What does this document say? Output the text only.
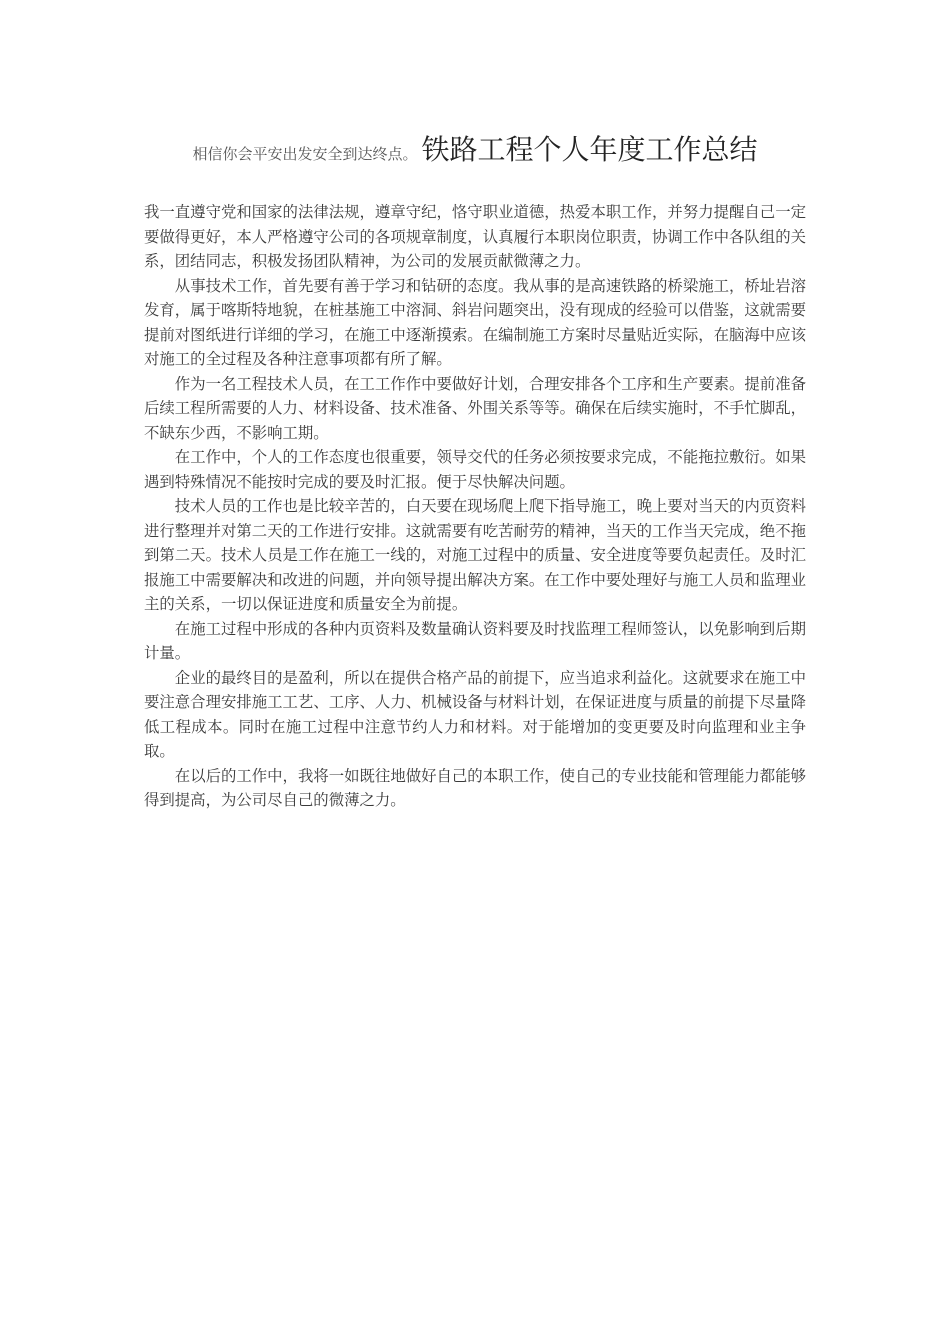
相信你会平安出发安全到达终点。 铁路工程个人年度工作总结

我一直遵守党和国家的法律法规，遵章守纪，恪守职业道德，热爱本职工作，并努力提醒自己一定要做得更好，本人严格遵守公司的各项规章制度，认真履行本职岗位职责，协调工作中各队组的关系，团结同志，积极发扬团队精神，为公司的发展贡献微薄之力。

从事技术工作，首先要有善于学习和钻研的态度。我从事的是高速铁路的桥梁施工，桥址岩溶发育，属于喀斯特地貌，在桩基施工中溶洞、斜岩问题突出，没有现成的经验可以借鉴，这就需要提前对图纸进行详细的学习，在施工中逐渐摸索。在编制施工方案时尽量贴近实际，在脑海中应该对施工的全过程及各种注意事项都有所了解。

作为一名工程技术人员，在工工作作中要做好计划，合理安排各个工序和生产要素。提前准备后续工程所需要的人力、材料设备、技术准备、外围关系等等。确保在后续实施时，不手忙脚乱，不缺东少西，不影响工期。

在工作中，个人的工作态度也很重要，领导交代的任务必须按要求完成，不能拖拉敷衍。如果遇到特殊情况不能按时完成的要及时汇报。便于尽快解决问题。

技术人员的工作也是比较辛苦的，白天要在现场爬上爬下指导施工，晚上要对当天的内页资料进行整理并对第二天的工作进行安排。这就需要有吃苦耐劳的精神，当天的工作当天完成，绝不拖到第二天。技术人员是工作在施工一线的，对施工过程中的质量、安全进度等要负起责任。及时汇报施工中需要解决和改进的问题，并向领导提出解决方案。在工作中要处理好与施工人员和监理业主的关系，一切以保证进度和质量安全为前提。

在施工过程中形成的各种内页资料及数量确认资料要及时找监理工程师签认，以免影响到后期计量。

企业的最终目的是盈利，所以在提供合格产品的前提下，应当追求利益化。这就要求在施工中要注意合理安排施工工艺、工序、人力、机械设备与材料计划，在保证进度与质量的前提下尽量降低工程成本。同时在施工过程中注意节约人力和材料。对于能增加的变更要及时向监理和业主争取。

在以后的工作中，我将一如既往地做好自己的本职工作，使自己的专业技能和管理能力都能够得到提高，为公司尽自己的微薄之力。
